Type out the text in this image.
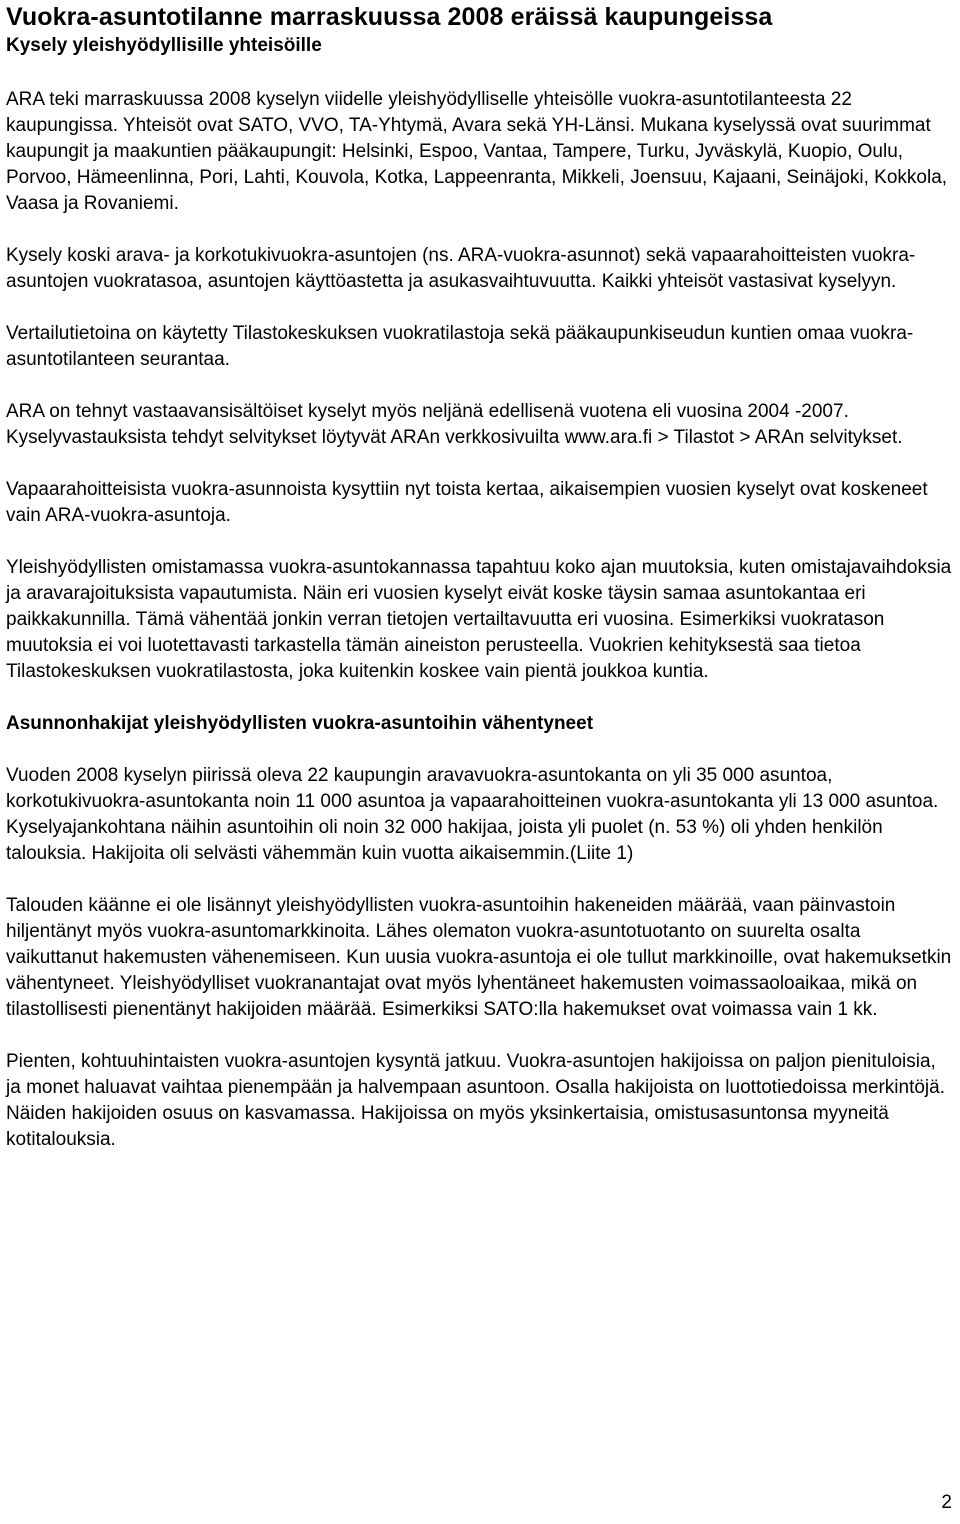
Vuokra-asuntotilanne marraskuussa 2008 eräissä kaupungeissa
Kysely yleishyödyllisille yhteisöille

ARA teki marraskuussa 2008 kyselyn viidelle yleishyödylliselle yhteisölle vuokra-asuntotilanteesta 22 kaupungissa. Yhteisöt ovat SATO, VVO, TA-Yhtymä, Avara sekä YH-Länsi. Mukana kyselyssä ovat suurimmat kaupungit ja maakuntien pääkaupungit: Helsinki, Espoo, Vantaa, Tampere, Turku, Jyväskylä, Kuopio, Oulu, Porvoo, Hämeenlinna, Pori, Lahti, Kouvola, Kotka, Lappeenranta, Mikkeli, Joensuu, Kajaani, Seinäjoki, Kokkola, Vaasa ja Rovaniemi.

Kysely koski arava- ja korkotukivuokra-asuntojen (ns. ARA-vuokra-asunnot) sekä vapaarahoitteisten vuokra-asuntojen vuokratasoa, asuntojen käyttöastetta ja asukasvaihtuvuutta. Kaikki yhteisöt vastasivat kyselyyn.

Vertailutietoina on käytetty Tilastokeskuksen vuokratilastoja sekä pääkaupunkiseudun kuntien omaa vuokra-asuntotilanteen seurantaa.

ARA on tehnyt vastaavansisältöiset kyselyt myös neljänä edellisenä vuotena eli vuosina 2004 -2007. Kyselyvastauksista tehdyt selvitykset löytyvät ARAn verkkosivuilta www.ara.fi > Tilastot > ARAn selvitykset.

Vapaarahoitteisista vuokra-asunnoista kysyttiin nyt toista kertaa, aikaisempien vuosien kyselyt ovat koskeneet vain ARA-vuokra-asuntoja.

Yleishyödyllisten omistamassa vuokra-asuntokannassa tapahtuu koko ajan muutoksia, kuten omistajavaihdoksia ja aravarajoituksista vapautumista. Näin eri vuosien kyselyt eivät koske täysin samaa asuntokantaa eri paikkakunnilla. Tämä vähentää jonkin verran tietojen vertailtavuutta eri vuosina. Esimerkiksi vuokratason muutoksia ei voi luotettavasti tarkastella tämän aineiston perusteella. Vuokrien kehityksestä saa tietoa Tilastokeskuksen vuokratilastosta, joka kuitenkin koskee vain pientä joukkoa kuntia.

Asunnonhakijat yleishyödyllisten vuokra-asuntoihin vähentyneet

Vuoden 2008 kyselyn piirissä oleva 22 kaupungin aravavuokra-asuntokanta on yli 35 000 asuntoa, korkotukivuokra-asuntokanta noin 11 000 asuntoa ja vapaarahoitteinen vuokra-asuntokanta yli 13 000 asuntoa. Kyselyajankohtana näihin asuntoihin oli noin 32 000 hakijaa, joista yli puolet (n. 53 %) oli yhden henkilön talouksia. Hakijoita oli selvästi vähemmän kuin vuotta aikaisemmin.(Liite 1)

Talouden käänne ei ole lisännyt yleishyödyllisten vuokra-asuntoihin hakeneiden määrää, vaan päinvastoin hiljentänyt myös vuokra-asuntomarkkinoita. Lähes olematon vuokra-asuntotuotanto on suurelta osalta vaikuttanut hakemusten vähenemiseen. Kun uusia vuokra-asuntoja ei ole tullut markkinoille, ovat hakemuksetkin vähentyneet. Yleishyödylliset vuokranantajat ovat myös lyhentäneet hakemusten voimassaoloaikaa, mikä on tilastollisesti pienentänyt hakijoiden määrää. Esimerkiksi SATO:lla hakemukset ovat voimassa vain 1 kk.

Pienten, kohtuuhintaisten vuokra-asuntojen kysyntä jatkuu. Vuokra-asuntojen hakijoissa on paljon pienituloisia, ja monet haluavat vaihtaa pienempään ja halvempaan asuntoon. Osalla hakijoista on luottotiedoissa merkintöjä. Näiden hakijoiden osuus on kasvamassa. Hakijoissa on myös yksinkertaisia, omistusasuntonsa myyneitä kotitalouksia.

2
